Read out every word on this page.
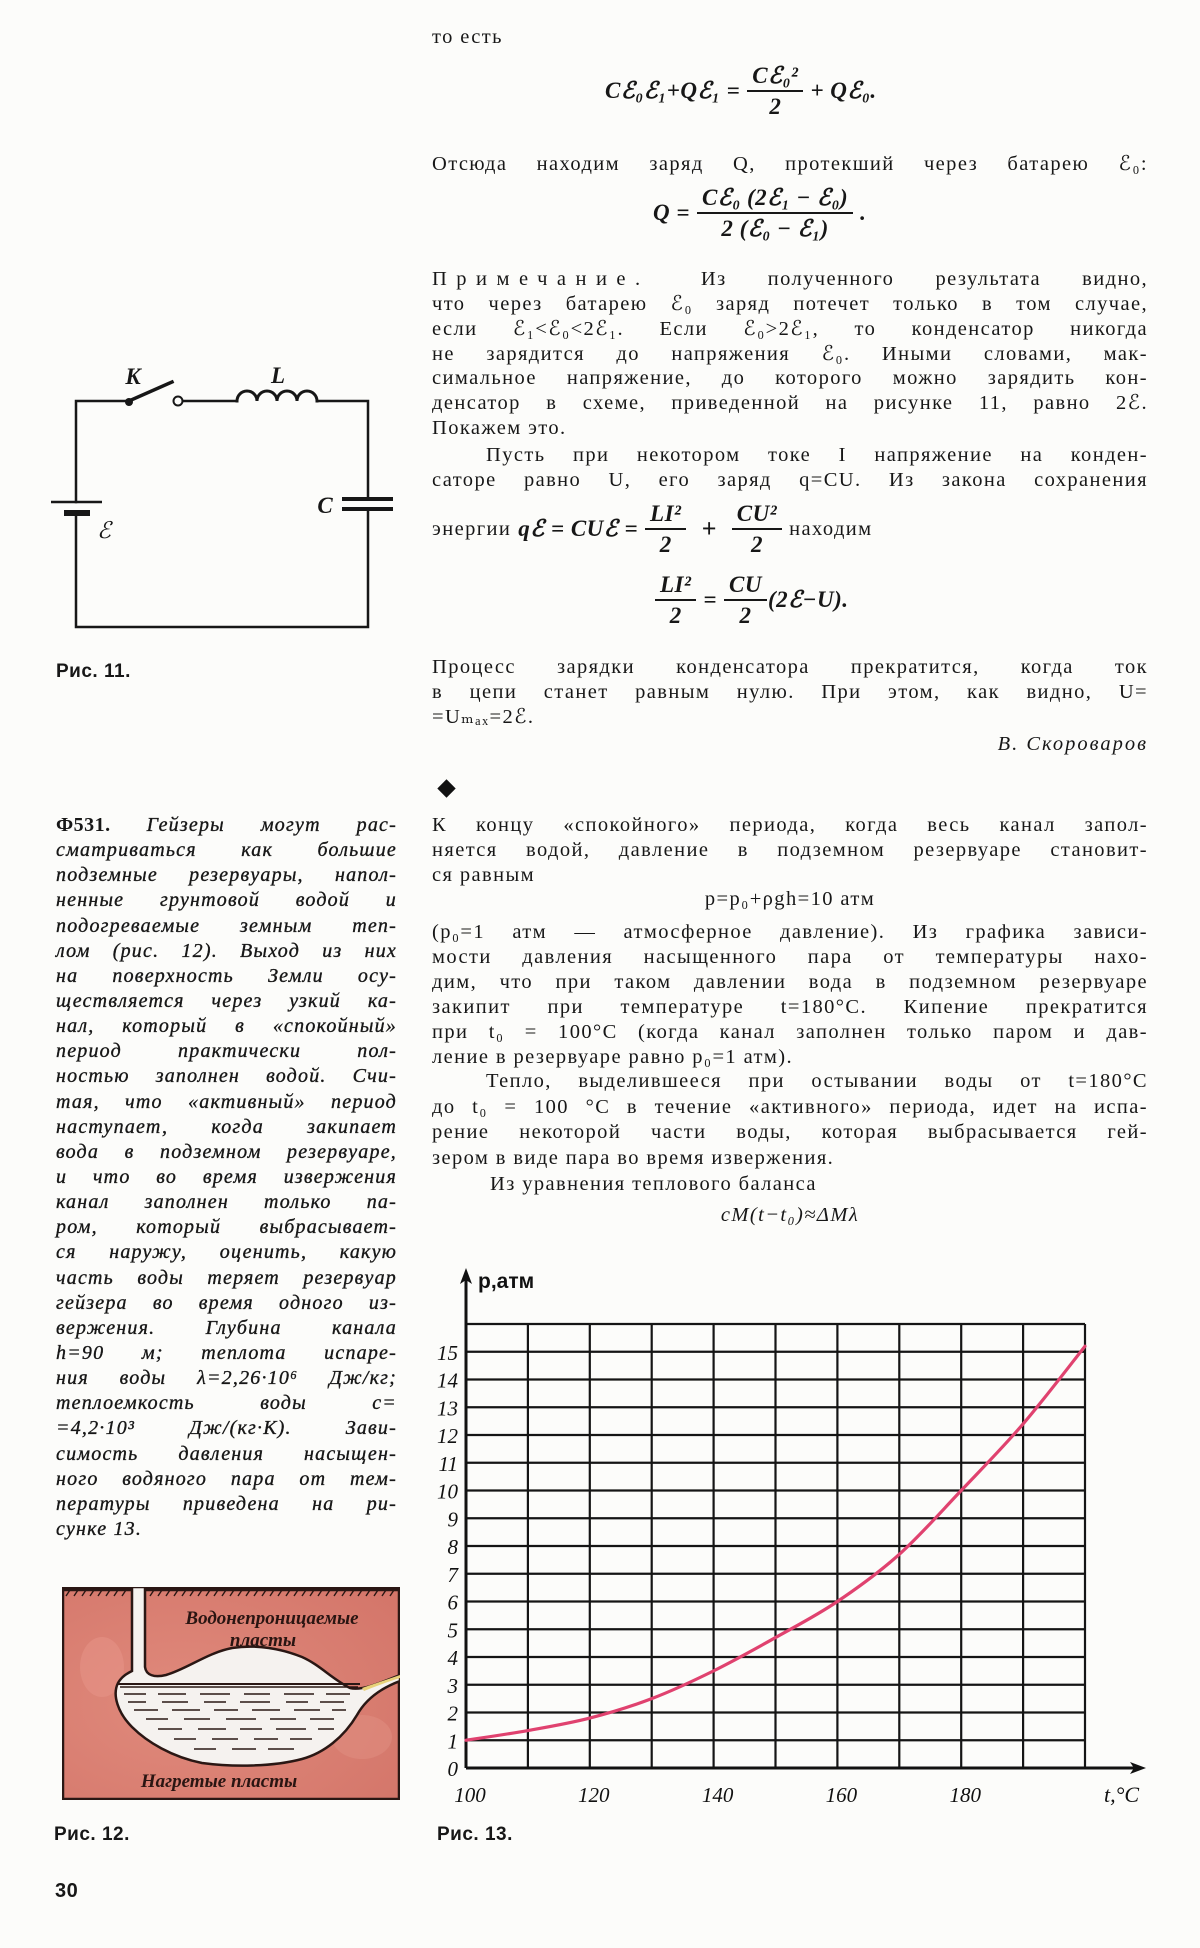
то есть
Cℰ₀ℰ₁+Qℰ₁ = $\frac{\text{Cℰ₀²}}{2}$ + Qℰ₀.
Отсюда находим заряд Q, протекший через батарею ℰ₀:
$Q = \frac{\text{Cℰ₀ (2ℰ₁ − ℰ₀)}}{\text{2 (ℰ₀ − ℰ₁)}}$ .
Примечание. Из полученного результата видно,
что через батарею ℰ₀ заряд потечет только в том случае,
если ℰ₁<ℰ₀<2ℰ₁. Если ℰ₀>2ℰ₁, то конденсатор никогда
не зарядится до напряжения ℰ₀. Иными словами, мак-
симальное напряжение, до которого можно зарядить кон-
денсатор в схеме, приведенной на рисунке 11, равно 2ℰ.
Покажем это.
Пусть при некотором токе I напряжение на конден-
саторе равно U, его заряд q=CU. Из закона сохранения
энергии qℰ = CUℰ = $\frac{\text{LI²}}{2} + \frac{\text{CU²}}{2}$ находим
$\frac{\text{LI²}}{2} = \frac{CU}{2}$ (2ℰ−U).
Процесс зарядки конденсатора прекратится, когда ток
в цепи станет равным нулю. При этом, как видно, U=
=Uₘₐₓ=2ℰ.
В. Скороваров
К концу «спокойного» периода, когда весь канал запол-
няется водой, давление в подземном резервуаре становит-
ся равным
p=p₀+ρgh=10 атм
(p₀=1 атм — атмосферное давление). Из графика зависи-
мости давления насыщенного пара от температуры нахо-
дим, что при таком давлении вода в подземном резервуаре
закипит при температуре t=180°C. Кипение прекратится
при t₀ = 100°C (когда канал заполнен только паром и дав-
ление в резервуаре равно p₀=1 атм).
Тепло, выделившееся при остывании воды от t=180°C
до t₀ = 100 °C в течение «активного» периода, идет на испа-
рение некоторой части воды, которая выбрасывается гей-
зером в виде пара во время извержения.
Из уравнения теплового баланса
cM(t−t₀)≈ΔMλ
K	L
C
ℰ
Рис. 11.
Ф531. Гейзеры могут рас-
сматриваться как большие
подземные резервуары, напол-
ненные грунтовой водой и
подогреваемые земным теп-
лом (рис. 12). Выход из них
на поверхность Земли осу-
ществляется через узкий ка-
нал, который в «спокойный»
период практически пол-
ностью заполнен водой. Счи-
тая, что «активный» период
наступает, когда закипает
вода в подземном резервуаре,
и что во время извержения
канал заполнен только па-
ром, который выбрасывает-
ся наружу, оценить, какую
часть воды теряет резервуар
гейзера во время одного из-
вержения. Глубина канала
h=90 м; теплота испаре-
ния воды λ=2,26·10⁶ Дж/кг;
теплоемкость воды c=
=4,2·10³ Дж/(кг·К). Зави-
симость давления насыщен-
ного водяного пара от тем-
пературы приведена на ри-
сунке 13.
Водонепроницаемые
пласты
Нагретые пласты
Рис. 12.
0
1
2
3
4
5
6
7
8
9
10
11
12
13
14
15
100	120	140	160	180
p,атм
t,°C
Рис. 13.
30
